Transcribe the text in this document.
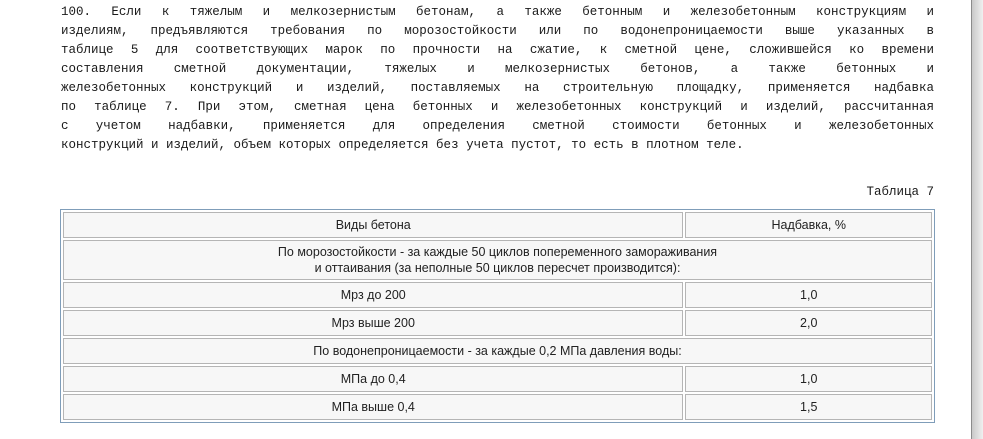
100. Если к тяжелым и мелкозернистым бетонам, а также бетонным и железобетонным конструкциям и
изделиям, предъявляются требования по морозостойкости или по водонепроницаемости выше указанных в
таблице 5 для соответствующих марок по прочности на сжатие, к сметной цене, сложившейся ко времени
составления сметной документации, тяжелых и мелкозернистых бетонов, а также бетонных и
железобетонных конструкций и изделий, поставляемых на строительную площадку, применяется надбавка
по таблице 7. При этом, сметная цена бетонных и железобетонных конструкций и изделий, рассчитанная
с учетом надбавки, применяется для определения сметной стоимости бетонных и железобетонных
конструкций и изделий, объем которых определяется без учета пустот, то есть в плотном теле.
Таблица 7
Виды бетона	Надбавка, %

По морозостойкости - за каждые 50 циклов попеременного замораживания
и оттаивания (за неполные 50 циклов пересчет производится):	

Мрз до 200	1,0
Мрз выше 200	2,0
По водонепроницаемости - за каждые 0,2 МПа давления воды:	
МПа до 0,4	1,0
МПа выше 0,4	1,5
